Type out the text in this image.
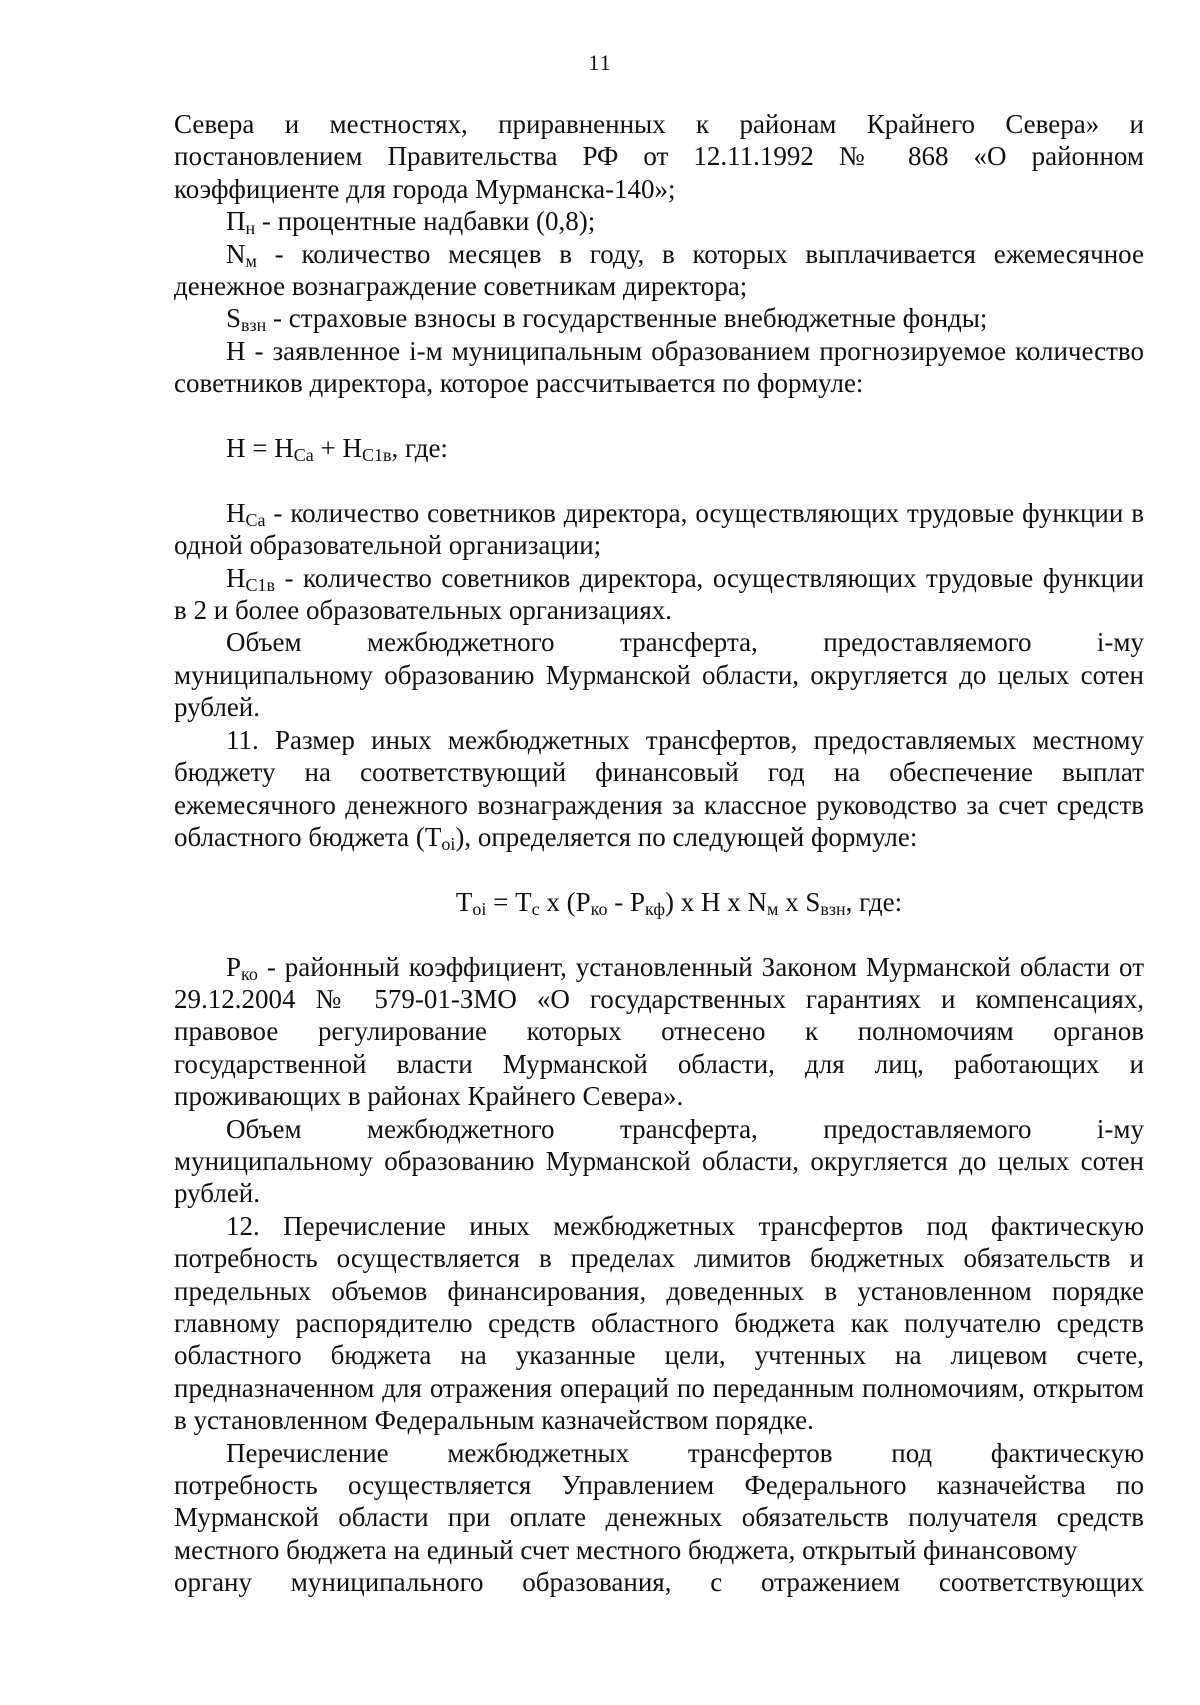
11

Севера и местностях, приравненных к районам Крайнего Севера» и

постановлением Правительства РФ от 12.11.1992 № 868 «О районном

коэффициенте для города Мурманска-140»;

$П_н$ - процентные надбавки (0,8);

$N_м$ - количество месяцев в году, в которых выплачивается ежемесячное денежное вознаграждение советникам директора;

$S_{взн}$ - страховые взносы в государственные внебюджетные фонды;

Н - заявленное i-м муниципальным образованием прогнозируемое количество советников директора, которое рассчитывается по формуле:

$Н = Н_{Ca} + Н_{C1в}$, где:

$Н_{Ca}$ - количество советников директора, осуществляющих трудовые функции в одной образовательной организации;

$Н_{C1в}$ - количество советников директора, осуществляющих трудовые функции в 2 и более образовательных организациях.

Объем межбюджетного трансферта, предоставляемого i-му

муниципальному образованию Мурманской области, округляется до целых сотен рублей.

11. Размер иных межбюджетных трансфертов, предоставляемых местному бюджету на соответствующий финансовый год на обеспечение выплат ежемесячного денежного вознаграждения за классное руководство за счет средств областного бюджета $(Т_{oi})$, определяется по следующей формуле:

$Т_{oi} = Т_c$ x $(Р_{ко} - Р_{кф})$ x Н x $N_м$ x $S_{взн}$, где:

$Р_{ко}$ - районный коэффициент, установленный Законом Мурманской области от 29.12.2004 № 579-01-ЗМО «О государственных гарантиях и компенсациях, правовое регулирование которых отнесено к полномочиям органов государственной власти Мурманской области, для лиц, работающих и проживающих в районах Крайнего Севера».

Объем межбюджетного трансферта, предоставляемого i-му

муниципальному образованию Мурманской области, округляется до целых сотен рублей.

12. Перечисление иных межбюджетных трансфертов под фактическую потребность осуществляется в пределах лимитов бюджетных обязательств и предельных объемов финансирования, доведенных в установленном порядке главному распорядителю средств областного бюджета как получателю средств областного бюджета на указанные цели, учтенных на лицевом счете, предназначенном для отражения операций по переданным полномочиям, открытом в установленном Федеральным казначейством порядке.

Перечисление межбюджетных трансфертов под фактическую

потребность осуществляется Управлением Федерального казначейства по Мурманской области при оплате денежных обязательств получателя средств местного бюджета на единый счет местного бюджета, открытый финансовому

органу муниципального образования, с отражением соответствующих
